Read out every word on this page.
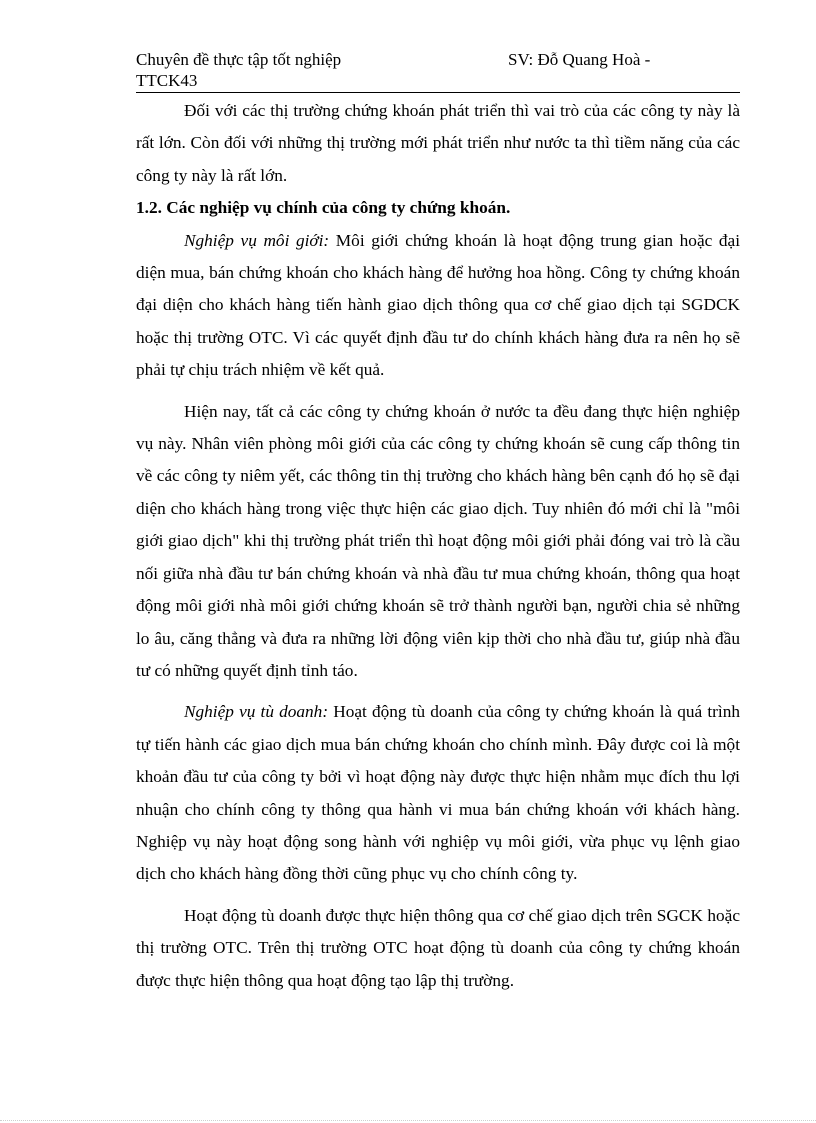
Chuyên đề thực tập tốt nghiệp	SV: Đỗ Quang Hoà -
TTCK43

Đối với các thị trường chứng khoán phát triển thì vai trò của các công ty này là rất lớn. Còn đối với những thị trường mới phát triển như nước ta thì tiềm năng của các công ty này là rất lớn.

1.2. Các nghiệp vụ chính của công ty chứng khoán.

Nghiệp vụ môi giới: Môi giới chứng khoán là hoạt động trung gian hoặc đại diện mua, bán chứng khoán cho khách hàng để hưởng hoa hồng. Công ty chứng khoán đại diện cho khách hàng tiến hành giao dịch thông qua cơ chế giao dịch tại SGDCK hoặc thị trường OTC. Vì các quyết định đầu tư do chính khách hàng đưa ra nên họ sẽ phải tự chịu trách nhiệm về kết quả.

Hiện nay, tất cả các công ty chứng khoán ở nước ta đều đang thực hiện nghiệp vụ này. Nhân viên phòng môi giới của các công ty chứng khoán sẽ cung cấp thông tin về các công ty niêm yết, các thông tin thị trường cho khách hàng bên cạnh đó họ sẽ đại diện cho khách hàng trong việc thực hiện các giao dịch. Tuy nhiên đó mới chỉ là "môi giới giao dịch" khi thị trường phát triển thì hoạt động môi giới phải đóng vai trò là cầu nối giữa nhà đầu tư bán chứng khoán và nhà đầu tư mua chứng khoán, thông qua hoạt động môi giới nhà môi giới chứng khoán sẽ trở thành người bạn, người chia sẻ những lo âu, căng thẳng và đưa ra những lời động viên kịp thời cho nhà đầu tư, giúp nhà đầu tư có những quyết định tỉnh táo.

Nghiệp vụ tù doanh: Hoạt động tù doanh của công ty chứng khoán là quá trình tự tiến hành các giao dịch mua bán chứng khoán cho chính mình. Đây được coi là một khoản đầu tư của công ty bởi vì hoạt động này được thực hiện nhằm mục đích thu lợi nhuận cho chính công ty thông qua hành vi mua bán chứng khoán với khách hàng. Nghiệp vụ này hoạt động song hành với nghiệp vụ môi giới, vừa phục vụ lệnh giao dịch cho khách hàng đồng thời cũng phục vụ cho chính công ty.

Hoạt động tù doanh được thực hiện thông qua cơ chế giao dịch trên SGCK hoặc thị trường OTC. Trên thị trường OTC hoạt động tù doanh của công ty chứng khoán được thực hiện thông qua hoạt động tạo lập thị trường.
